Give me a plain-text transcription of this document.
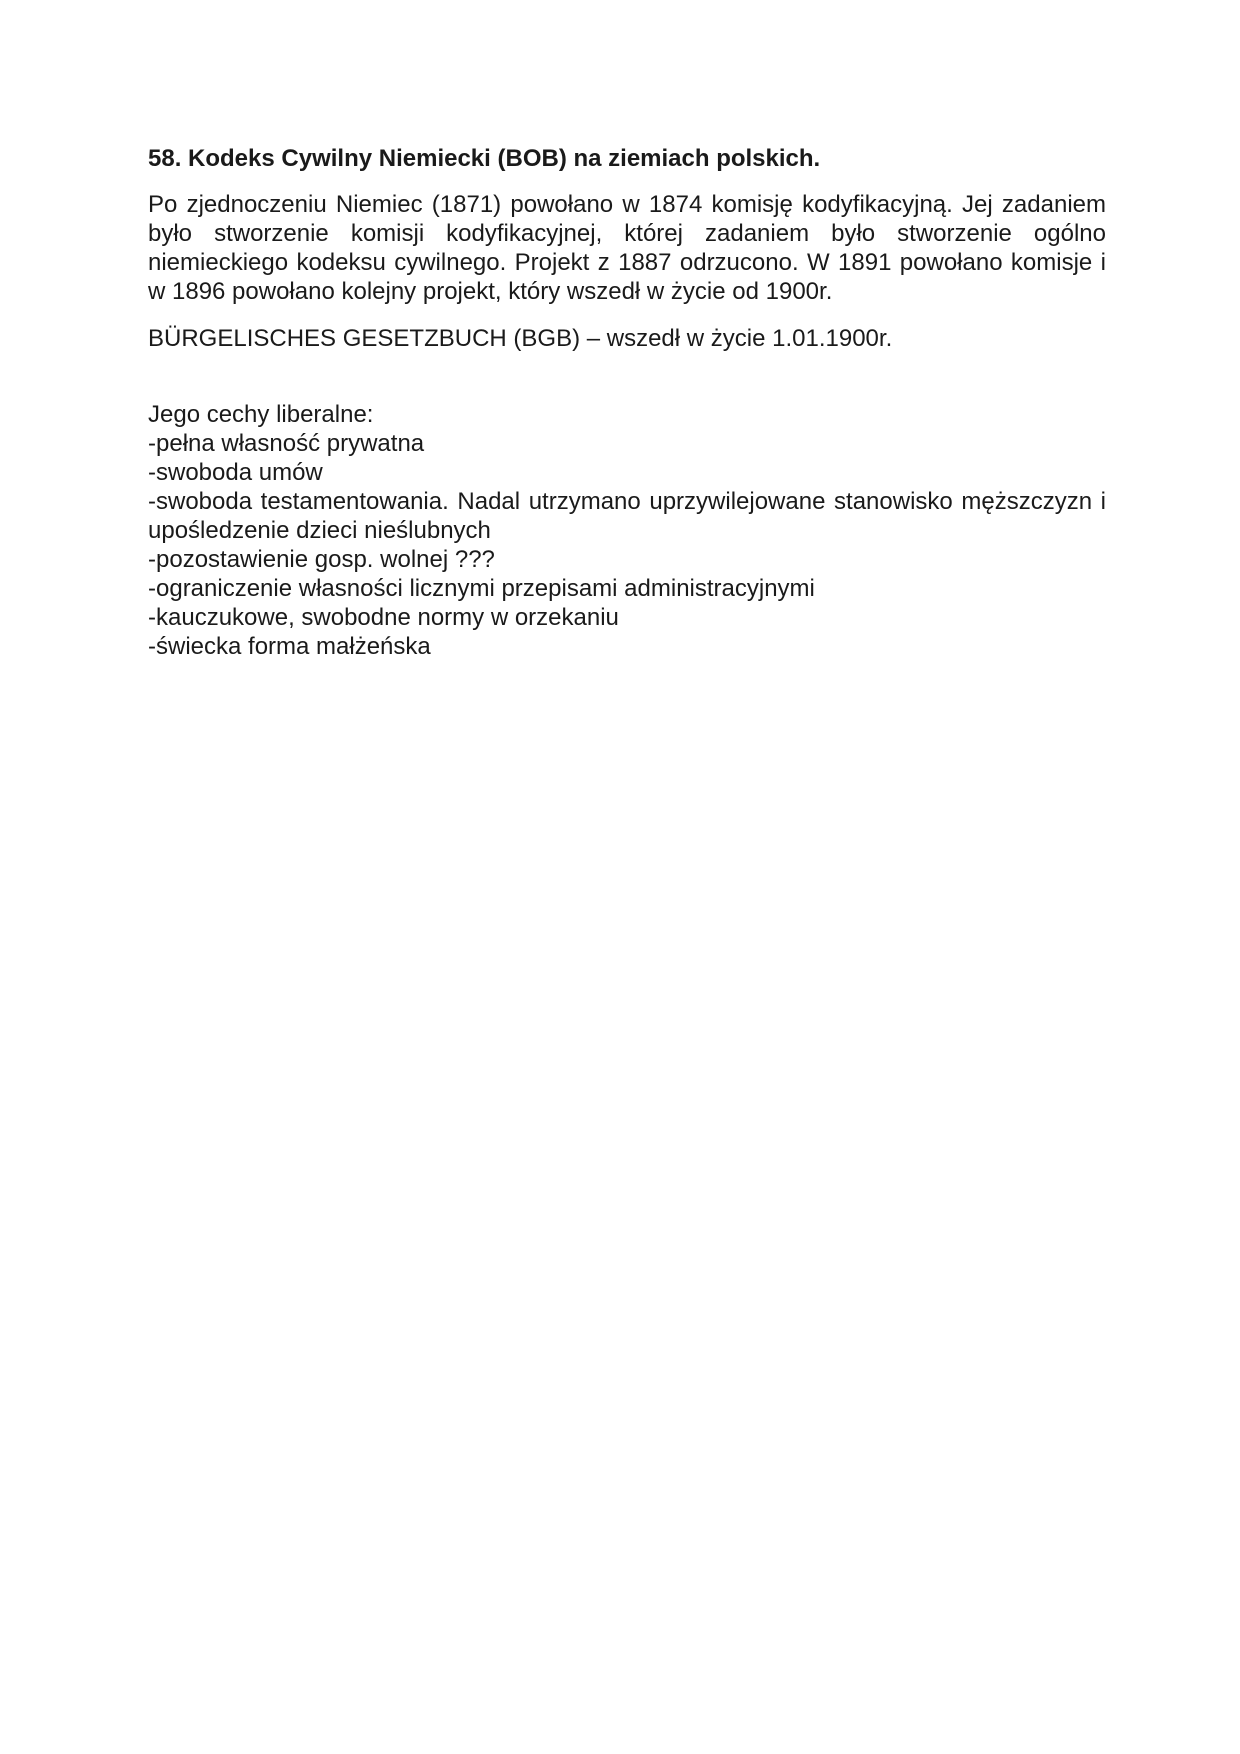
58. Kodeks Cywilny Niemiecki (BOB) na ziemiach polskich.
Po zjednoczeniu Niemiec (1871) powołano w 1874 komisję kodyfikacyjną. Jej zadaniem było stworzenie komisji kodyfikacyjnej, której zadaniem było stworzenie ogólno niemieckiego kodeksu cywilnego. Projekt z 1887 odrzucono. W 1891 powołano komisje i w 1896 powołano kolejny projekt, który wszedł w życie od 1900r.
BÜRGELISCHES GESETZBUCH (BGB) – wszedł w życie 1.01.1900r.
Jego cechy liberalne:
-pełna własność prywatna
-swoboda umów
-swoboda testamentowania. Nadal utrzymano uprzywilejowane stanowisko męższczyzn i upośledzenie dzieci nieślubnych
-pozostawienie gosp. wolnej ???
-ograniczenie własności licznymi przepisami administracyjnymi
-kauczukowe, swobodne normy w orzekaniu
-świecka forma małżeńska
